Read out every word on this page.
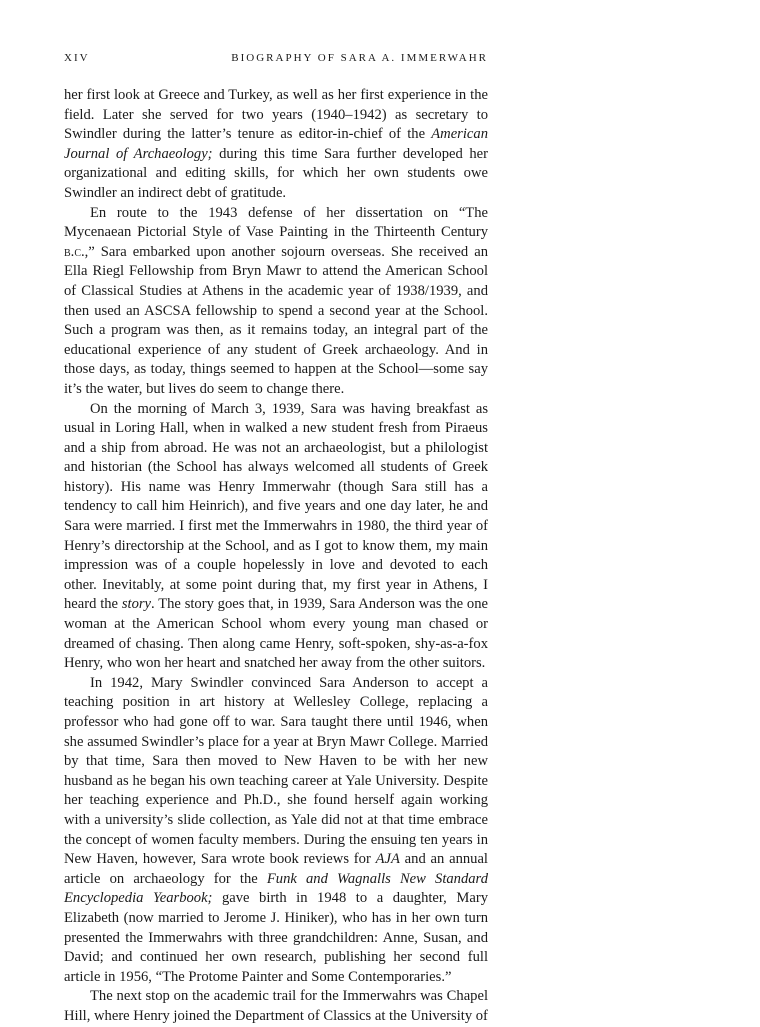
XIV	BIOGRAPHY OF SARA A. IMMERWAHR

her first look at Greece and Turkey, as well as her first experience in the field. Later she served for two years (1940–1942) as secretary to Swindler during the latter’s tenure as editor-in-chief of the American Journal of Archaeology; during this time Sara further developed her organizational and editing skills, for which her own students owe Swindler an indirect debt of gratitude.

En route to the 1943 defense of her dissertation on “The Mycenaean Pictorial Style of Vase Painting in the Thirteenth Century b.c.,” Sara embarked upon another sojourn overseas. She received an Ella Riegl Fellowship from Bryn Mawr to attend the American School of Classical Studies at Athens in the academic year of 1938/1939, and then used an ASCSA fellowship to spend a second year at the School. Such a program was then, as it remains today, an integral part of the educational experience of any student of Greek archaeology. And in those days, as today, things seemed to happen at the School—some say it’s the water, but lives do seem to change there.

On the morning of March 3, 1939, Sara was having breakfast as usual in Loring Hall, when in walked a new student fresh from Piraeus and a ship from abroad. He was not an archaeologist, but a philologist and historian (the School has always welcomed all students of Greek history). His name was Henry Immerwahr (though Sara still has a tendency to call him Heinrich), and five years and one day later, he and Sara were married. I first met the Immerwahrs in 1980, the third year of Henry’s directorship at the School, and as I got to know them, my main impression was of a couple hopelessly in love and devoted to each other. Inevitably, at some point during that, my first year in Athens, I heard the story. The story goes that, in 1939, Sara Anderson was the one woman at the American School whom every young man chased or dreamed of chasing. Then along came Henry, soft-spoken, shy-as-a-fox Henry, who won her heart and snatched her away from the other suitors.

In 1942, Mary Swindler convinced Sara Anderson to accept a teaching position in art history at Wellesley College, replacing a professor who had gone off to war. Sara taught there until 1946, when she assumed Swindler’s place for a year at Bryn Mawr College. Married by that time, Sara then moved to New Haven to be with her new husband as he began his own teaching career at Yale University. Despite her teaching experience and Ph.D., she found herself again working with a university’s slide collection, as Yale did not at that time embrace the concept of women faculty members. During the ensuing ten years in New Haven, however, Sara wrote book reviews for AJA and an annual article on archaeology for the Funk and Wagnalls New Standard Encyclopedia Yearbook; gave birth in 1948 to a daughter, Mary Elizabeth (now married to Jerome J. Hiniker), who has in her own turn presented the Immerwahrs with three grandchildren: Anne, Susan, and David; and continued her own research, publishing her second full article in 1956, “The Protome Painter and Some Contemporaries.”

The next stop on the academic trail for the Immerwahrs was Chapel Hill, where Henry joined the Department of Classics at the University of
